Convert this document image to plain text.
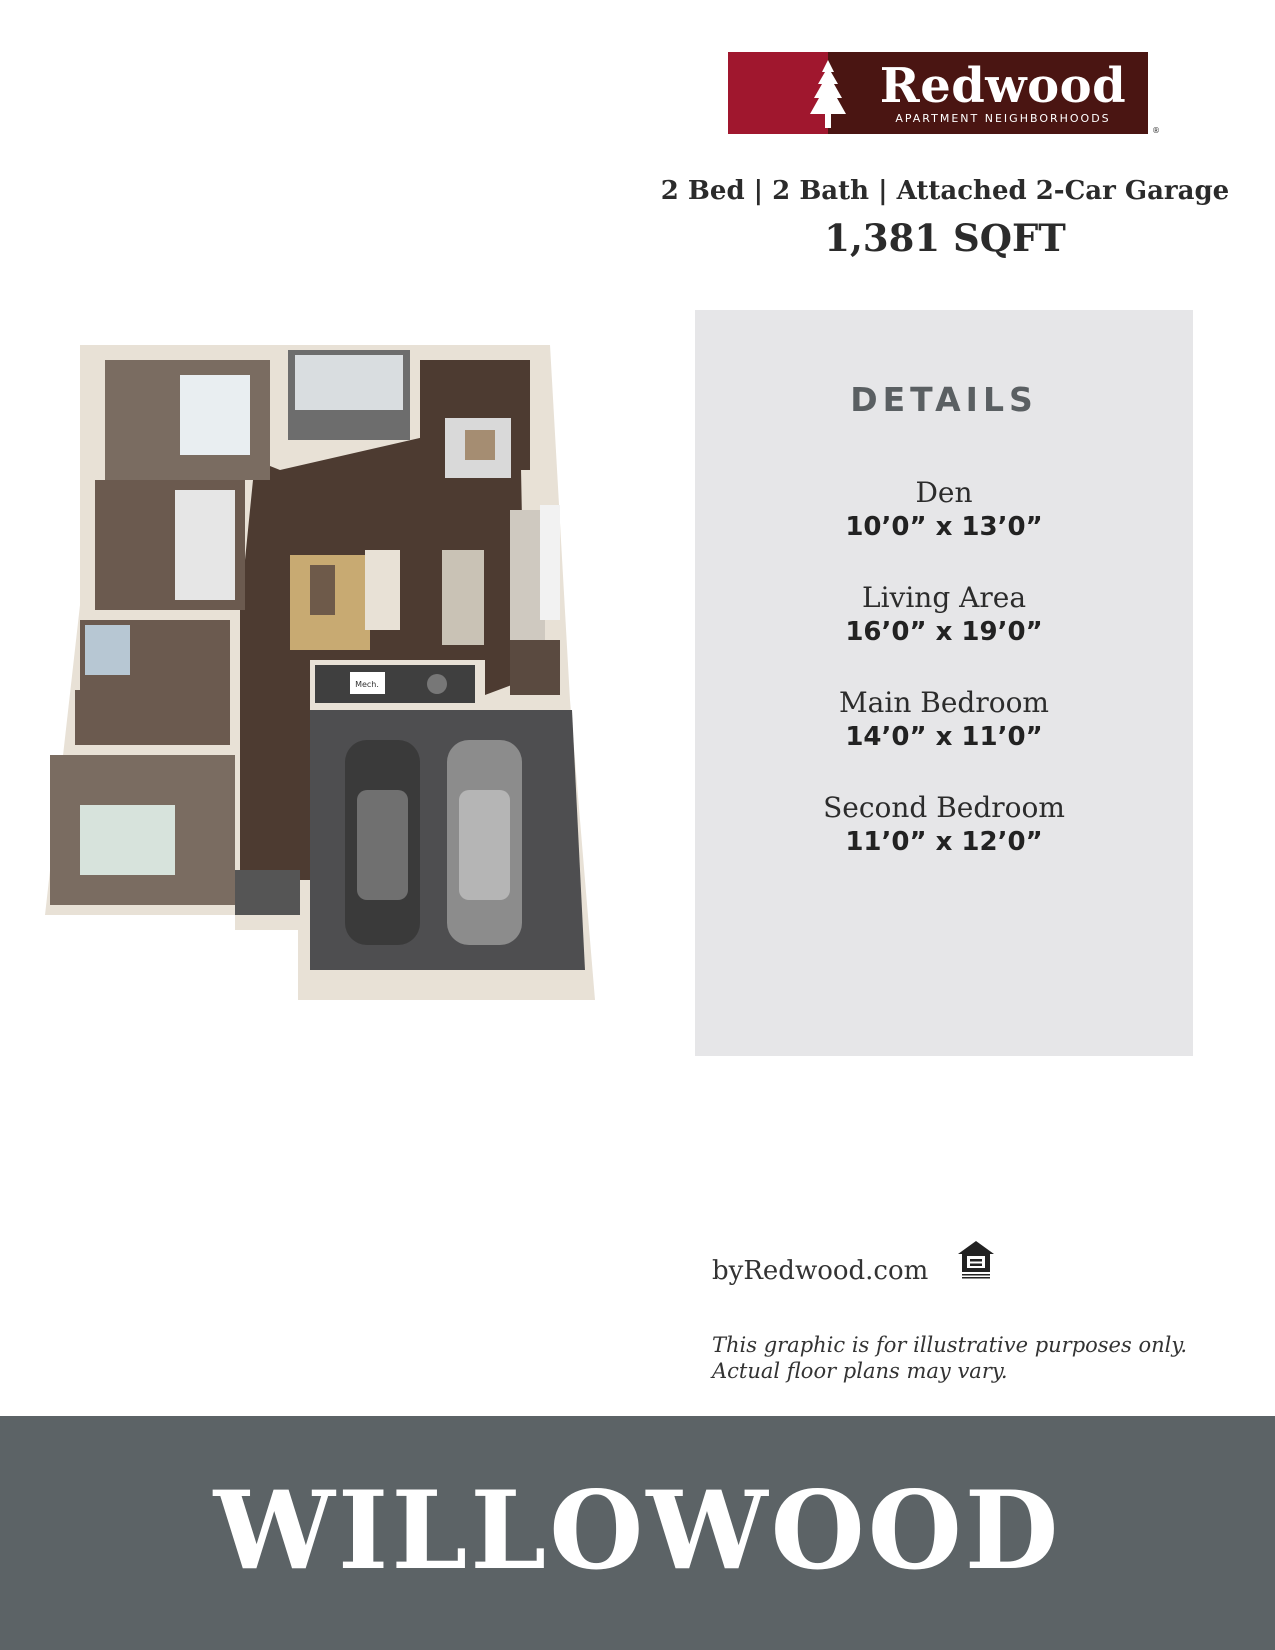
Redwood
APARTMENT NEIGHBORHOODS
®
2 Bed | 2 Bath | Attached 2-Car Garage
1,381 SQFT
Mech.
DETAILS
Den
10’0” x 13’0”
Living Area
16’0” x 19’0”
Main Bedroom
14’0” x 11’0”
Second Bedroom
11’0” x 12’0”
byRedwood.com
This graphic is for illustrative purposes only.
Actual floor plans may vary.
WILLOWOOD
